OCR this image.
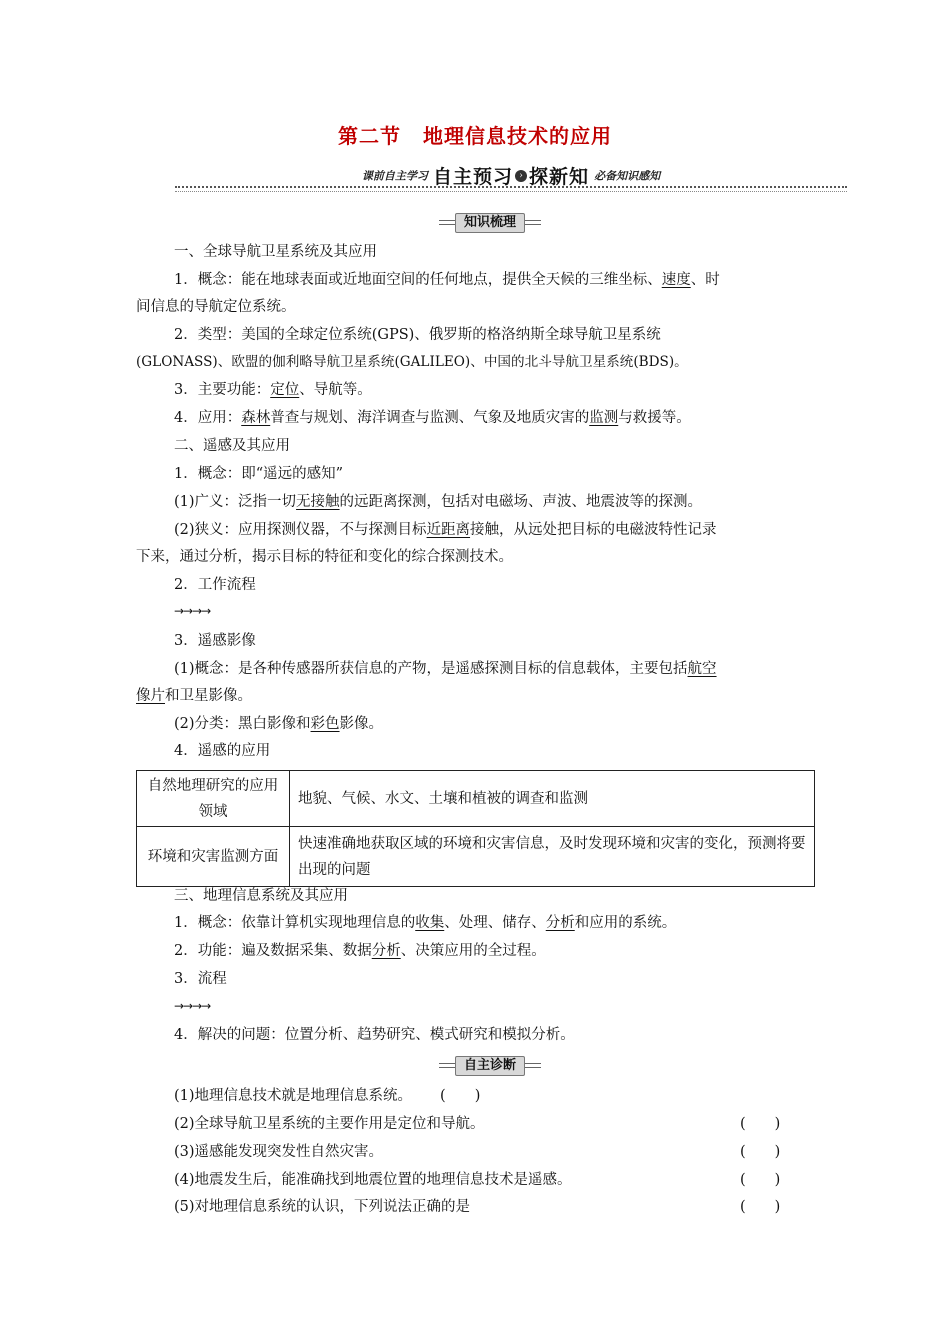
第二节 地理信息技术的应用
课前自主学习 自主预习 › 探新知 必备知识感知
知识梳理
一、全球导航卫星系统及其应用
1．概念：能在地球表面或近地面空间的任何地点，提供全天候的三维坐标、速度、时
间信息的导航定位系统。
2．类型：美国的全球定位系统(GPS)、俄罗斯的格洛纳斯全球导航卫星系统
(GLONASS)、欧盟的伽利略导航卫星系统(GALILEO)、中国的北斗导航卫星系统(BDS)。
3．主要功能：定位、导航等。
4．应用：森林普查与规划、海洋调查与监测、气象及地质灾害的监测与救援等。
二、遥感及其应用
1．概念：即“遥远的感知”
(1)广义：泛指一切无接触的远距离探测，包括对电磁场、声波、地震波等的探测。
(2)狭义：应用探测仪器，不与探测目标近距离接触，从远处把目标的电磁波特性记录
下来，通过分析，揭示目标的特征和变化的综合探测技术。
2．工作流程
→→→→
3．遥感影像
(1)概念：是各种传感器所获信息的产物，是遥感探测目标的信息载体，主要包括航空
像片和卫星影像。
(2)分类：黑白影像和彩色影像。
4．遥感的应用
自然地理研究的应用领域	地貌、气候、水文、土壤和植被的调查和监测
环境和灾害监测方面	快速准确地获取区域的环境和灾害信息，及时发现环境和灾害的变化，预测将要出现的问题
三、地理信息系统及其应用
1．概念：依靠计算机实现地理信息的收集、处理、储存、分析和应用的系统。
2．功能：遍及数据采集、数据分析、决策应用的全过程。
3．流程
→→→→
4．解决的问题：位置分析、趋势研究、模式研究和模拟分析。
自主诊断
(1)地理信息技术就是地理信息系统。 (　　)
(2)全球导航卫星系统的主要作用是定位和导航。	(　　)
(3)遥感能发现突发性自然灾害。	(　　)
(4)地震发生后，能准确找到地震位置的地理信息技术是遥感。	(　　)
(5)对地理信息系统的认识，下列说法正确的是	(　　)
